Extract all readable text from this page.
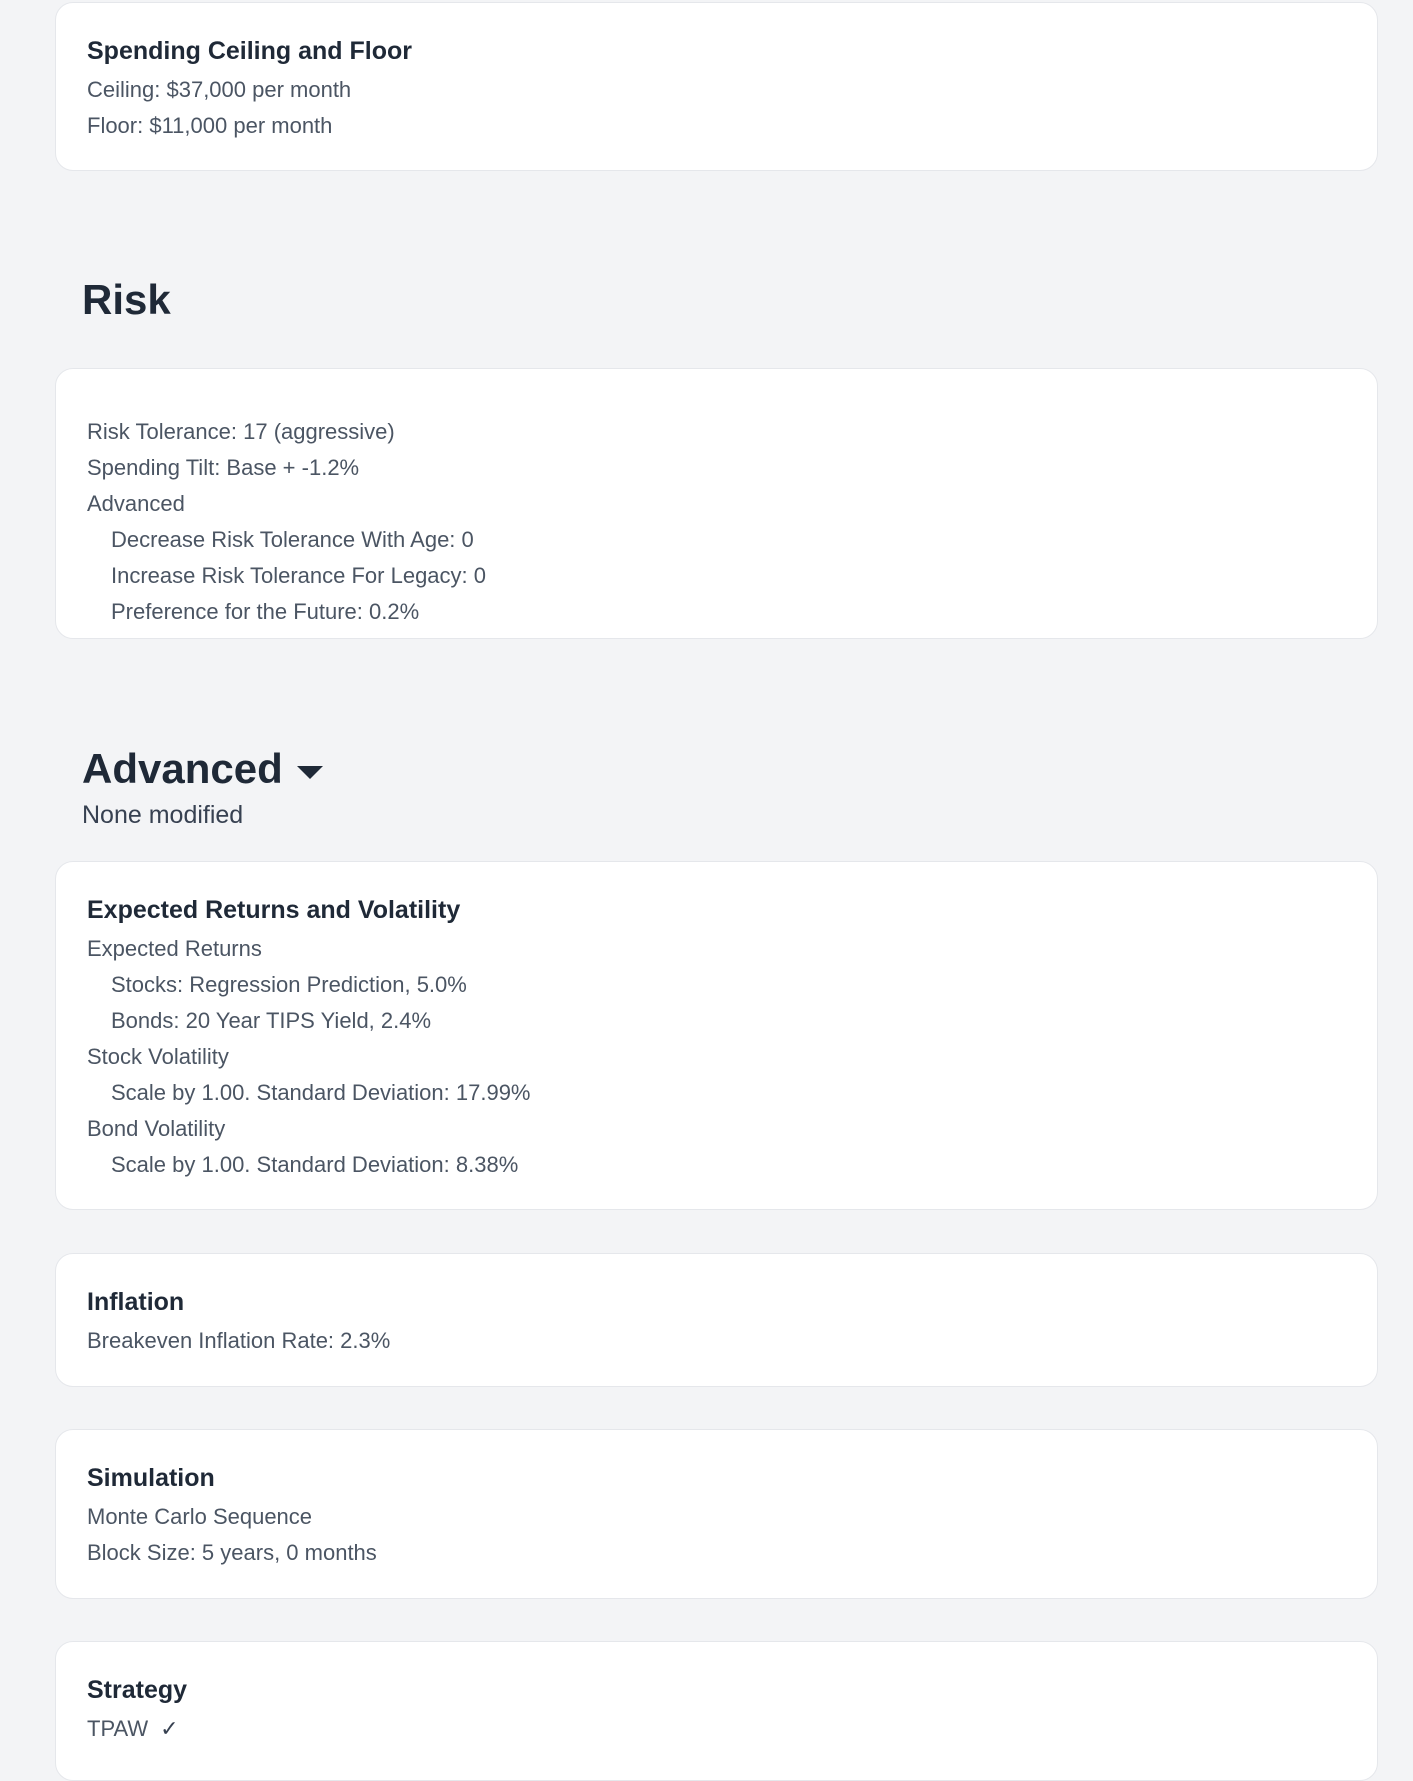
Spending Ceiling and Floor
Ceiling: $37,000 per month
Floor: $11,000 per month
Risk
Risk Tolerance: 17 (aggressive)
Spending Tilt: Base + -1.2%
Advanced
Decrease Risk Tolerance With Age: 0
Increase Risk Tolerance For Legacy: 0
Preference for the Future: 0.2%
Advanced
None modified
Expected Returns and Volatility
Expected Returns
Stocks: Regression Prediction, 5.0%
Bonds: 20 Year TIPS Yield, 2.4%
Stock Volatility
Scale by 1.00. Standard Deviation: 17.99%
Bond Volatility
Scale by 1.00. Standard Deviation: 8.38%
Inflation
Breakeven Inflation Rate: 2.3%
Simulation
Monte Carlo Sequence
Block Size: 5 years, 0 months
Strategy
TPAW ✓
